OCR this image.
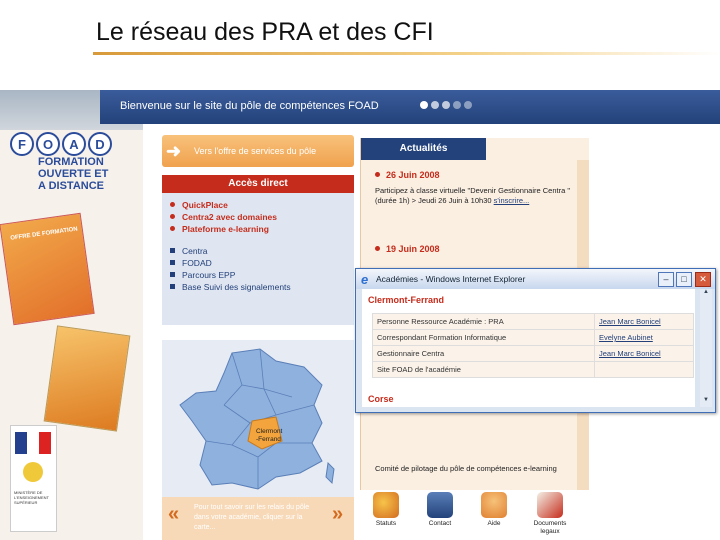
Le réseau des PRA et des CFI
F	O	A	D
FORMATION
OUVERTE ET
A DISTANCE
OFFRE DE FORMATION
MINISTÈRE DE
L'ENSEIGNEMENT
SUPÉRIEUR
Bienvenue sur le site du pôle de compétences FOAD
➜	Vers l'offre de services du pôle
Accès direct
QuickPlace
Centra2 avec domaines
Plateforme e-learning
Centra
FODAD
Parcours EPP
Base Suivi des signalements
Clermont
-Ferrand
« Pour tout savoir sur les relais du pôle dans votre académie, cliquer sur la carte...
»
Actualités
26 Juin 2008
Participez à classe virtuelle "Devenir Gestionnaire Centra " (durée 1h) > Jeudi 26 Juin à 10h30 s'inscrire...
19 Juin 2008
Comité de pilotage du pôle de compétences e-learning
Statuts	Contact	Aide	Documents legaux
e Académies - Windows Internet Explorer	–	□	✕
Clermont-Ferrand
Personne Ressource Académie : PRA	Jean Marc Bonicel
Correspondant Formation Informatique	Evelyne Aubinet
Gestionnaire Centra	Jean Marc Bonicel
Site FOAD de l'académie	
Corse
▲
▼
